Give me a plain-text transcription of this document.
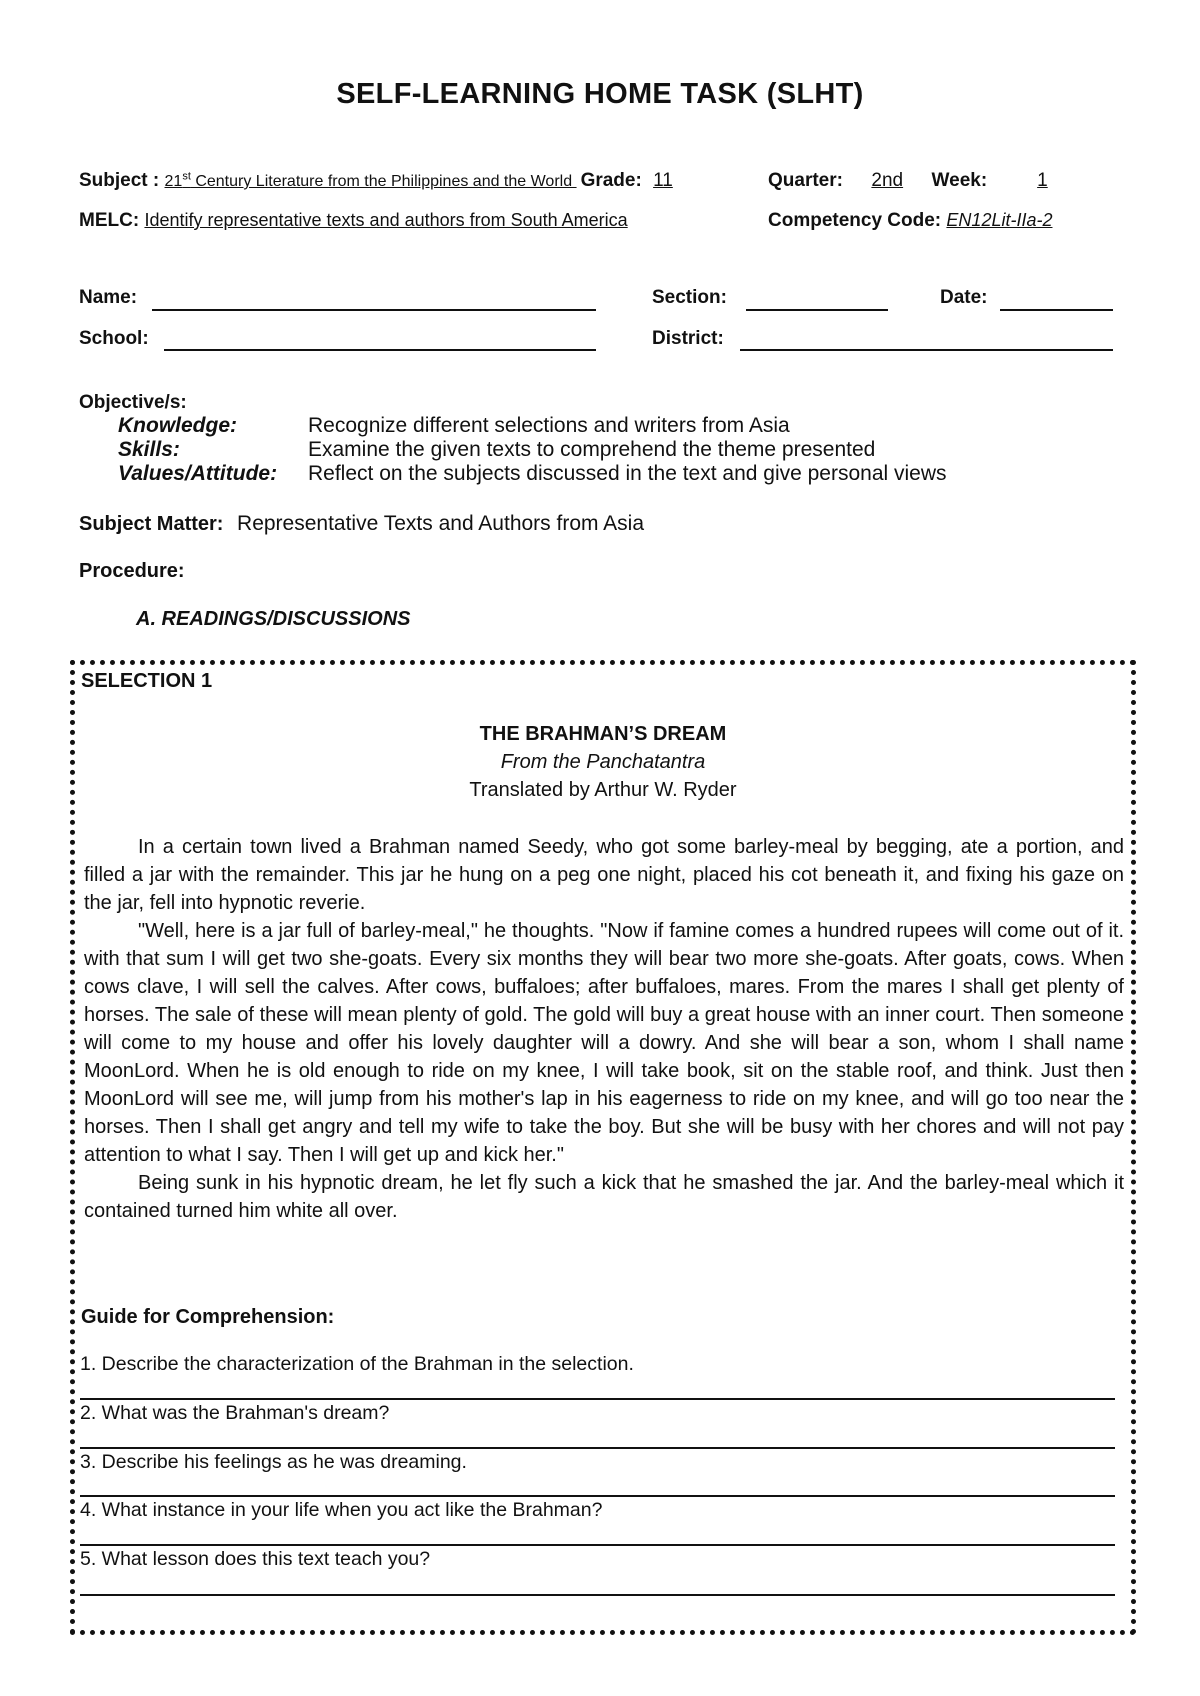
SELF-LEARNING HOME TASK (SLHT)
Subject : 21st Century Literature from the Philippines and the World Grade: 11	Quarter: 2nd Week:	1
MELC: Identify representative texts and authors from South America	Competency Code: EN12Lit-IIa-2
Name:	Section:	Date:
School:	District:
Objective/s:
Knowledge:	Recognize different selections and writers from Asia
Skills:	Examine the given texts to comprehend the theme presented
Values/Attitude: Reflect on the subjects discussed in the text and give personal views
Subject Matter: Representative Texts and Authors from Asia
Procedure:
A. READINGS/DISCUSSIONS
SELECTION 1
THE BRAHMAN’S DREAM
From the Panchatantra
Translated by Arthur W. Ryder

In a certain town lived a Brahman named Seedy, who got some barley-meal by begging, ate a portion, and filled a jar with the remainder. This jar he hung on a peg one night, placed his cot beneath it, and fixing his gaze on the jar, fell into hypnotic reverie.

"Well, here is a jar full of barley-meal," he thoughts. "Now if famine comes a hundred rupees will come out of it. with that sum I will get two she-goats. Every six months they will bear two more she-goats. After goats, cows. When cows clave, I will sell the calves. After cows, buffaloes; after buffaloes, mares. From the mares I shall get plenty of horses. The sale of these will mean plenty of gold. The gold will buy a great house with an inner court. Then someone will come to my house and offer his lovely daughter will a dowry. And she will bear a son, whom I shall name MoonLord. When he is old enough to ride on my knee, I will take book, sit on the stable roof, and think. Just then MoonLord will see me, will jump from his mother's lap in his eagerness to ride on my knee, and will go too near the horses. Then I shall get angry and tell my wife to take the boy. But she will be busy with her chores and will not pay attention to what I say. Then I will get up and kick her."

Being sunk in his hypnotic dream, he let fly such a kick that he smashed the jar. And the barley-meal which it contained turned him white all over.

Guide for Comprehension:
1. Describe the characterization of the Brahman in the selection.
2. What was the Brahman's dream?
3. Describe his feelings as he was dreaming.
4. What instance in your life when you act like the Brahman?
5. What lesson does this text teach you?
